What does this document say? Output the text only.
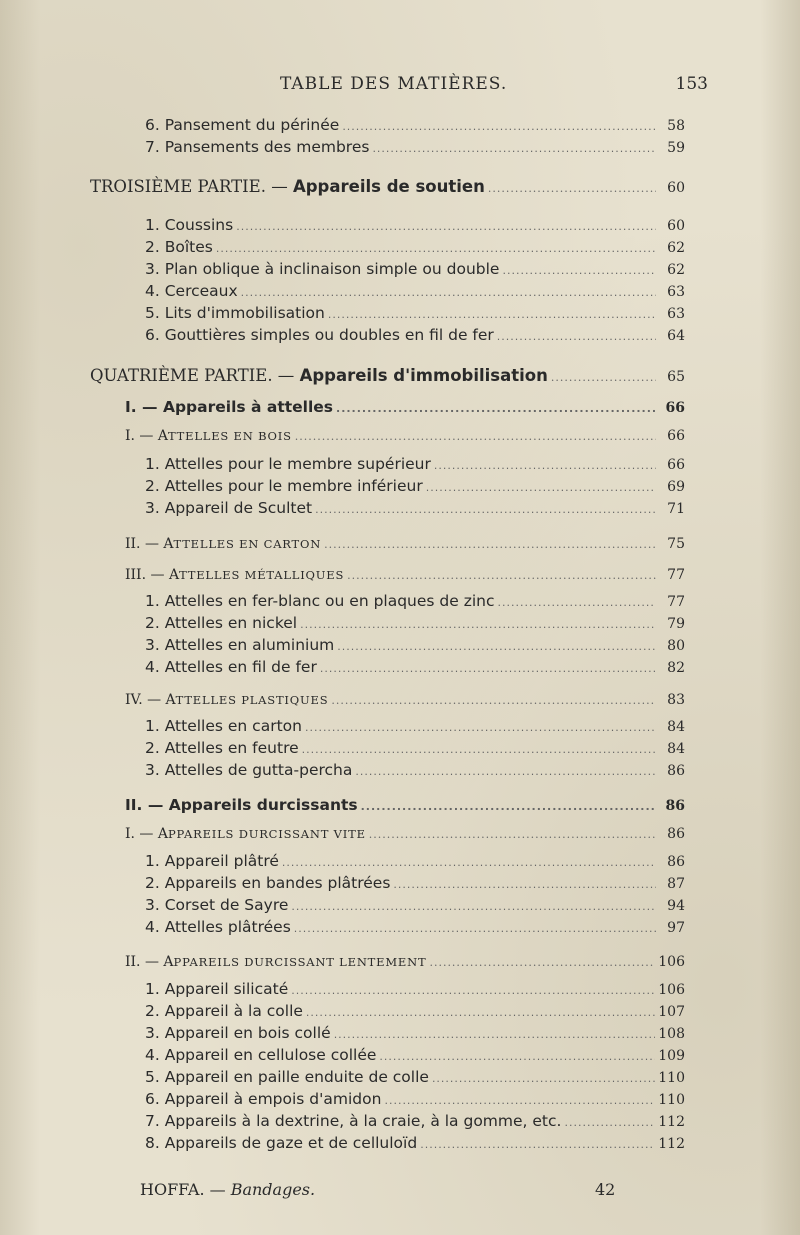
TABLE DES MATIÈRES.	153
6. Pansement du périnée .....	58
7. Pansements des membres .....	59
TROISIÈME PARTIE. — Appareils de soutien .....	60
1. Coussins .....	60
2. Boîtes .....	62
3. Plan oblique à inclinaison simple ou double .....	62
4. Cerceaux .....	63
5. Lits d'immobilisation .....	63
6. Gouttières simples ou doubles en fil de fer .....	64
QUATRIÈME PARTIE. — Appareils d'immobilisation .....	65
I. — Appareils à attelles .....	66
I. — ATTELLES EN BOIS .....	66
1. Attelles pour le membre supérieur .....	66
2. Attelles pour le membre inférieur .....	69
3. Appareil de Scultet .....	71
II. — ATTELLES EN CARTON .....	75
III. — ATTELLES MÉTALLIQUES .....	77
1. Attelles en fer-blanc ou en plaques de zinc .....	77
2. Attelles en nickel .....	79
3. Attelles en aluminium .....	80
4. Attelles en fil de fer .....	82
IV. — ATTELLES PLASTIQUES .....	83
1. Attelles en carton .....	84
2. Attelles en feutre .....	84
3. Attelles de gutta-percha .....	86
II. — Appareils durcissants .....	86
I. — APPAREILS DURCISSANT VITE .....	86
1. Appareil plâtré .....	86
2. Appareils en bandes plâtrées .....	87
3. Corset de Sayre .....	94
4. Attelles plâtrées .....	97
II. — APPAREILS DURCISSANT LENTEMENT .....	106
1. Appareil silicaté .....	106
2. Appareil à la colle .....	107
3. Appareil en bois collé .....	108
4. Appareil en cellulose collée .....	109
5. Appareil en paille enduite de colle .....	110
6. Appareil à empois d'amidon .....	110
7. Appareils à la dextrine, à la craie, à la gomme, etc. .....	112
8. Appareils de gaze et de celluloïd .....	112
HOFFA. — Bandages.	42
